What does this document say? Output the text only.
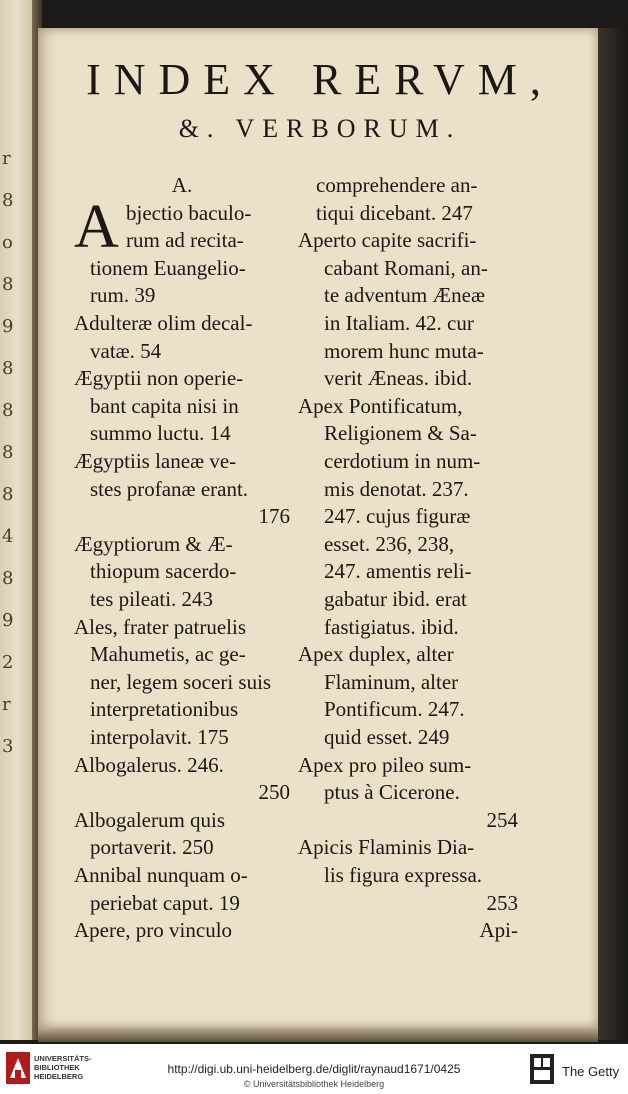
r
8
o
8
9
8
8
8
8
4
8
9
2
r
3
INDEX RERVM,
&. VERBORUM.
A
A.
bjectio baculo-
rum ad recita-
tionem Euangelio-
rum. 39
Adulteræ olim decal-
vatæ. 54
Ægyptii non operie-
bant capita nisi in
summo luctu. 14
Ægyptiis laneæ ve-
stes profanæ erant.
176
Ægyptiorum & Æ-
thiopum sacerdo-
tes pileati. 243
Ales, frater patruelis
Mahumetis, ac ge-
ner, legem soceri suis
interpretationibus
interpolavit. 175
Albogalerus. 246.
250
Albogalerum quis
portaverit. 250
Annibal nunquam o-
periebat caput. 19
Apere, pro vinculo
comprehendere an-
tiqui dicebant. 247
Aperto capite sacrifi-
cabant Romani, an-
te adventum Æneæ
in Italiam. 42. cur
morem hunc muta-
verit Æneas. ibid.
Apex Pontificatum,
Religionem & Sa-
cerdotium in num-
mis denotat. 237.
247. cujus figuræ
esset. 236, 238,
247. amentis reli-
gabatur ibid. erat
fastigiatus. ibid.
Apex duplex, alter
Flaminum, alter
Pontificum. 247.
quid esset. 249
Apex pro pileo sum-
ptus à Cicerone.
254
Apicis Flaminis Dia-
lis figura expressa.
253
Api-
UNIVERSITÄTS-
BIBLIOTHEK
HEIDELBERG
http://digi.ub.uni-heidelberg.de/diglit/raynaud1671/0425
© Universitätsbibliothek Heidelberg
The Getty
